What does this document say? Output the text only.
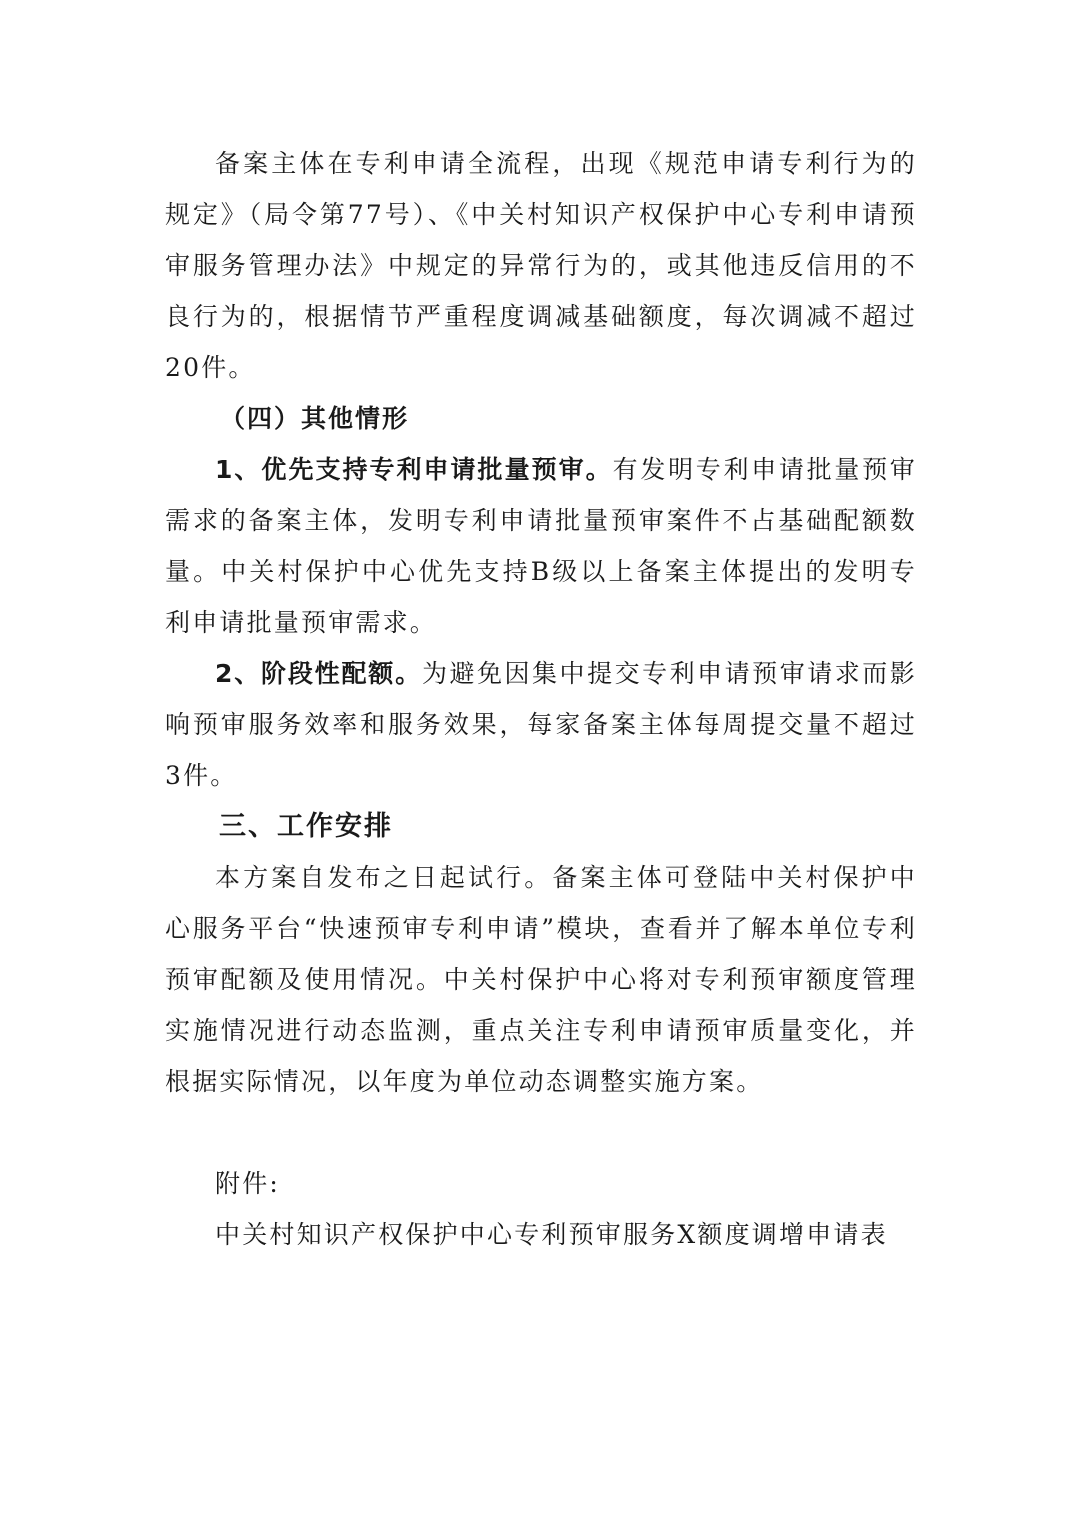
备案主体在专利申请全流程，出现《规范申请专利行为的规定》（局令第77号）、《中关村知识产权保护中心专利申请预审服务管理办法》中规定的异常行为的，或其他违反信用的不良行为的，根据情节严重程度调减基础额度，每次调减不超过20件。

（四）其他情形

1、优先支持专利申请批量预审。有发明专利申请批量预审需求的备案主体，发明专利申请批量预审案件不占基础配额数量。中关村保护中心优先支持B级以上备案主体提出的发明专利申请批量预审需求。

2、阶段性配额。为避免因集中提交专利申请预审请求而影响预审服务效率和服务效果，每家备案主体每周提交量不超过3件。

三、工作安排

本方案自发布之日起试行。备案主体可登陆中关村保护中心服务平台“快速预审专利申请”模块，查看并了解本单位专利预审配额及使用情况。中关村保护中心将对专利预审额度管理实施情况进行动态监测，重点关注专利申请预审质量变化，并根据实际情况，以年度为单位动态调整实施方案。

附件:

中关村知识产权保护中心专利预审服务X额度调增申请表
